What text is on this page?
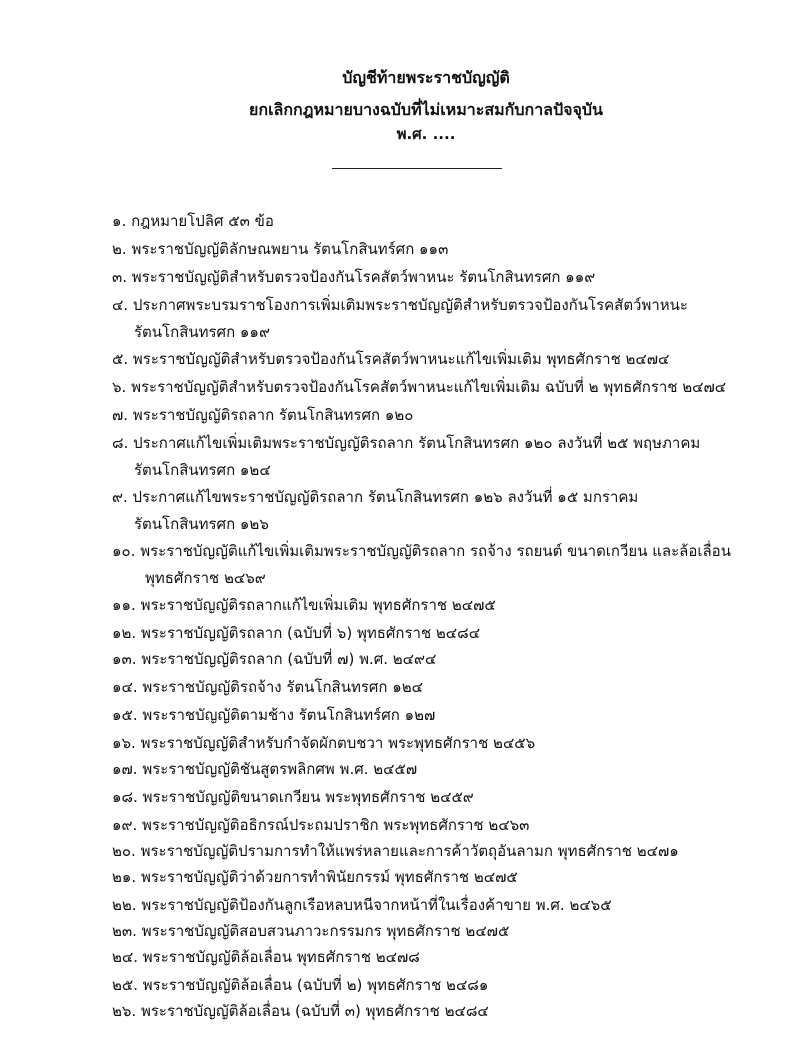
บัญชีท้ายพระราชบัญญัติ
ยกเลิกกฎหมายบางฉบับที่ไม่เหมาะสมกับกาลปัจจุบัน
พ.ศ. ....
๑. กฎหมายโปลิศ ๕๓ ข้อ
๒. พระราชบัญญัติลักษณพยาน รัตนโกสินทร์ศก ๑๑๓
๓. พระราชบัญญัติสำหรับตรวจป้องกันโรคสัตว์พาหนะ รัตนโกสินทรศก ๑๑๙
๔. ประกาศพระบรมราชโองการเพิ่มเติมพระราชบัญญัติสำหรับตรวจป้องกันโรคสัตว์พาหนะ
รัตนโกสินทรศก ๑๑๙
๕. พระราชบัญญัติสำหรับตรวจป้องกันโรคสัตว์พาหนะแก้ไขเพิ่มเติม พุทธศักราช ๒๔๗๔
๖. พระราชบัญญัติสำหรับตรวจป้องกันโรคสัตว์พาหนะแก้ไขเพิ่มเติม ฉบับที่ ๒ พุทธศักราช ๒๔๗๔
๗. พระราชบัญญัติรถลาก รัตนโกสินทรศก ๑๒๐
๘. ประกาศแก้ไขเพิ่มเติมพระราชบัญญัติรถลาก รัตนโกสินทรศก ๑๒๐ ลงวันที่ ๒๕ พฤษภาคม
รัตนโกสินทรศก ๑๒๔
๙. ประกาศแก้ไขพระราชบัญญัติรถลาก รัตนโกสินทรศก ๑๒๖ ลงวันที่ ๑๕ มกราคม
รัตนโกสินทรศก ๑๒๖
๑๐. พระราชบัญญัติแก้ไขเพิ่มเติมพระราชบัญญัติรถลาก รถจ้าง รถยนต์ ขนาดเกวียน และล้อเลื่อน
พุทธศักราช ๒๔๖๙
๑๑. พระราชบัญญัติรถลากแก้ไขเพิ่มเติม พุทธศักราช ๒๔๗๕
๑๒. พระราชบัญญัติรถลาก (ฉบับที่ ๖) พุทธศักราช ๒๔๘๔
๑๓. พระราชบัญญัติรถลาก (ฉบับที่ ๗) พ.ศ. ๒๔๙๔
๑๔. พระราชบัญญัติรถจ้าง รัตนโกสินทรศก ๑๒๔
๑๕. พระราชบัญญัติตามช้าง รัตนโกสินทร์ศก ๑๒๗
๑๖. พระราชบัญญัติสำหรับกำจัดผักตบชวา พระพุทธศักราช ๒๔๕๖
๑๗. พระราชบัญญัติชันสูตรพลิกศพ พ.ศ. ๒๔๕๗
๑๘. พระราชบัญญัติขนาดเกวียน พระพุทธศักราช ๒๔๕๙
๑๙. พระราชบัญญัติอธิกรณ์ประถมปราชิก พระพุทธศักราช ๒๔๖๓
๒๐. พระราชบัญญัติปรามการทำให้แพร่หลายและการค้าวัตถุอันลามก พุทธศักราช ๒๔๗๑
๒๑. พระราชบัญญัติว่าด้วยการทำพินัยกรรม์ พุทธศักราช ๒๔๗๕
๒๒. พระราชบัญญัติป้องกันลูกเรือหลบหนีจากหน้าที่ในเรื่องค้าขาย พ.ศ. ๒๔๖๕
๒๓. พระราชบัญญัติสอบสวนภาวะกรรมกร พุทธศักราช ๒๔๗๕
๒๔. พระราชบัญญัติล้อเลื่อน พุทธศักราช ๒๔๗๘
๒๕. พระราชบัญญัติล้อเลื่อน (ฉบับที่ ๒) พุทธศักราช ๒๔๘๑
๒๖. พระราชบัญญัติล้อเลื่อน (ฉบับที่ ๓) พุทธศักราช ๒๔๘๔
